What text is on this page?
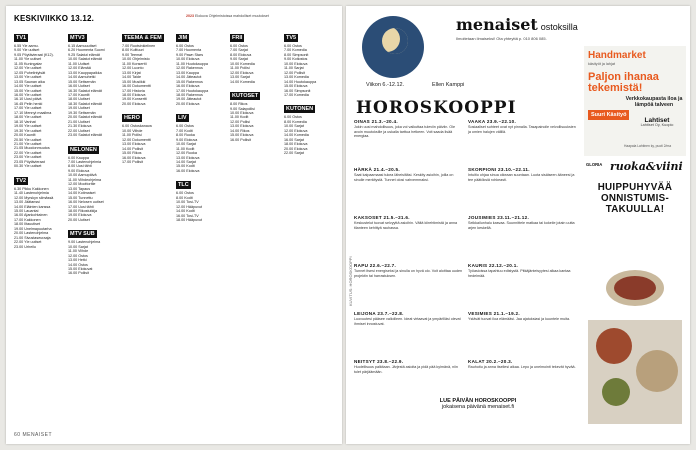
KESKIVIIKKO 13.12.	2023 Elokuva Ohjelmistoissa mahdolliset muutokset
TV1
6.55 Yle aamu.
9.00 Yle uutiset
9.05 Pöytävieraat (K12).
11.00 Yle uutiset
11.05 Kuningatar
12.00 Yle uutiset
12.05 Puhelintylsät
13.00 Yle uutiset
13.05 Saunan aika
14.00 Yle uutiset
15.00 Yle uutiset
16.00 Yle uutiset
16.10 Uusi päivä
16.45 Pelin henki
17.00 Yle uutiset
17.10 Mennyt maailma
18.00 Yle uutiset
18.10 Vanhat
19.00 Yle uutiset
19.30 Yle uutiset
20.00 Kauniit
20.50 Yle uutiset
21.00 Yle uutiset
21.05 Muodonmuutos
22.00 Yle uutiset
23.00 Yle uutiset
23.05 Pöytävieraat
00.30 Yle uutiset
TV2
6.30 Pikku Kakkonen
11.40 Lastenohjelmia
12.00 Myrskyn silmässä
13.00 Jäätanssi
14.00 Eläinten kanssa
15.00 Lauantai
16.00 Ajankohtainen
17.00 Kakkonen
18.00 Iltauutiset
19.00 Unelmapuutarha
20.00 Lastenohjelma
21.00 Sivustaseuraaja
22.00 Yle uutiset
23.00 Urheilu
MTV3
6.15 Aamuuutiset
6.20 Huomenta Suomi
9.25 Salatut elämät
10.00 Salatut elämät
11.00 Uutiset
12.00 Elämää
13.00 Kauppapaikka
14.00 Aamuhetki
15.00 Seitsemän
16.00 Uutiset
16.30 Salatut elämät
17.00 Kauniit
18.00 Uutiset
18.30 Salatut elämät
19.00 Uutiset
19.30 Seitsemän
20.00 Salatut elämät
21.00 Uutiset
21.30 Elokuva
22.00 Uutiset
23.00 Salatut elämät
NELONEN
6.00 Kauppa
7.00 Lastenohjelmia
8.00 Uusi tähti
9.00 Elokuva
10.00 Aamupäivä
11.00 Viihdeohjelma
12.00 Moottoritie
13.00 Tapaus
14.00 Kotimaiset
15.00 Tunnettu
16.00 Nelosen uutiset
17.00 Uusi tähti
18.00 Rikostutkija
19.00 Elokuva
20.00 Uutiset
MTV SUB
9.00 Lastenohjelma
10.00 Sarjat
11.00 Viihde
12.00 Ostos
13.00 Hetki
14.00 Ostos
15.00 Elokuvat
16.00 Poliisit
TEEMA & FEM
7.00 Ruotsinkielinen
8.00 Kulttuuri
9.00 Teemat
10.00 Ohjelmisto
11.00 Konsertti
12.00 Luonto
13.00 Kirjat
14.00 Taide
15.00 Musiikki
16.00 Dokumentti
17.00 Historia
18.00 Elokuva
19.00 Konsertti
20.00 Elokuva
HERO
6.00 Ostoskanava
10.00 Viihde
11.00 Poliisi
12.00 Dokumentti
13.00 Elokuva
14.00 Poliisit
15.00 Rikos
16.00 Elokuva
17.00 Poliisit
JIM
6.00 Ostos
7.00 Huomenta
9.00 Pawn Stars
10.00 Elokuva
11.00 Huutokauppa
12.00 Rakennus
13.00 Kauppa
14.00 Jäteautot
15.00 Rakennus
16.00 Elokuva
17.00 Huutokauppa
18.00 Rakennus
19.00 Jäteautot
20.00 Elokuva
LIV
6.00 Ostos
7.00 Kodit
8.00 Ruoka
9.00 Elokuva
10.00 Sarjat
11.00 Kodit
12.00 Ruoka
13.00 Elokuva
14.00 Sarjat
15.00 Kodit
16.00 Elokuva
TLC
6.00 Ostos
8.00 Kodit
10.00 Tosi-TV
12.00 Hääpuvut
14.00 Kodit
16.00 Tosi-TV
18.00 Hääpuvut
FRII
6.00 Ostos
7.00 Sarjat
8.00 Elokuva
9.00 Sarjat
10.00 Komedia
11.00 Poliisi
12.00 Elokuva
13.00 Sarjat
14.00 Komedia
KUTOSET
8.00 Rikos
9.00 Salapoliisi
10.00 Elokuva
11.00 Kodit
12.00 Poliisi
13.00 Elokuva
14.00 Rikos
15.00 Elokuva
16.00 Poliisit
TV5
6.00 Ostos
7.00 Komedia
8.00 Simpsonit
9.00 Kotiostos
10.00 Elokuva
11.00 Sarjat
12.00 Poliisit
13.00 Komedia
14.00 Huutokauppa
15.00 Elokuva
16.00 Simpsonit
17.00 Komedia
KUTONEN
6.00 Ostos
8.00 Komedia
10.00 Sarjat
12.00 Elokuva
14.00 Komedia
16.00 Sarjat
18.00 Elokuva
20.00 Elokuva
22.00 Sarjat
60 MENAISET
menaiset ostoksilla
Ilmoitetaan ilmaiseksi! Ota yhteyttä p. 010 806 085.
Viikon 6.-12.12.	Ellen Kamppi
HOROSKOOPPI
OINAS 21.3.–20.4.
Jokin uusi mahdollisuus, joka voi vaikuttaa tuleviin päiviin. Ole avoin muutoksille ja uskalla tarttua hetkeen. Voit saada lisää energiaa.
HÄRKÄ 21.4.–20.5.
Saat kaipaamaasi tukea läheisiltäsi. Keskity asioihin, joilla on sinulle merkitystä. Tunnet olosi vahvemmaksi.
KAKSOSET 21.5.–21.6.
Keskustelut tuovat selvyyttä asioihin. Vältä kiirehtimistä ja anna tilanteen kehittyä rauhassa.
RAPU 22.6.–22.7.
Tunnet itsesi energiseksi ja sinulla on hyvä olo. Voit aloittaa uuden projektin tai harrastuksen.
LEIJONA 23.7.–22.8.
Luovuutesi pääsee valloilleen. Ideat virtaavat ja ympärilläsi olevat ihmiset innostuvat.
NEITSYT 23.8.–22.9.
Huolellisuus palkitaan. Järjestä asioita ja pidä pää kylmänä, niin tulet pärjäämään.
VAAKA 23.9.–22.10.
Sosiaaliset suhteet ovat nyt pinnalla. Tasapainoile velvollisuuksien ja omien halujen välillä.
SKORPIONI 23.10.–22.11.
Intuitio ohjaa sinua oikeaan suuntaan. Luota sisäiseen ääneesi ja tee päätöksiä rohkeasti.
JOUSIMIES 23.11.–21.12.
Seikkailunhalu kasvaa. Suunnittele matkaa tai kokeile jotain uutta arjen keskellä.
KAURIS 22.12.–20.1.
Työasioissa tapahtuu edistystä. Pitkäjänteisyytesi alkaa kantaa hedelmää.
VESIMIES 21.1.–19.2.
Ystävät tuovat iloa elämääsi. Jaa ajatuksiasi ja kuuntele muita.
KALAT 20.2.–20.3.
Rauhoitu ja anna itsellesi aikaa. Lepo ja unelmointi tekevät hyvää.
KUVITUS: HOROSKOOPPI
LUE PÄIVÄN HOROSKOOPPI
jokaisena päivänä menaiset.fi
Handmarket
käsityöt ja lahjat
Paljon ihanaa tekemistä!
Suuri Käsityö
Verkkokaupasta iloa ja lämpöä talveen
Lahtiset
Lahtiset Oy, Kuopio
Haapala Lahtinen ky, puoti 2/ma
GLORIA ruoka&viini
HUIPPUHYVÄÄ ONNISTUMIS-TAKUULLA!
